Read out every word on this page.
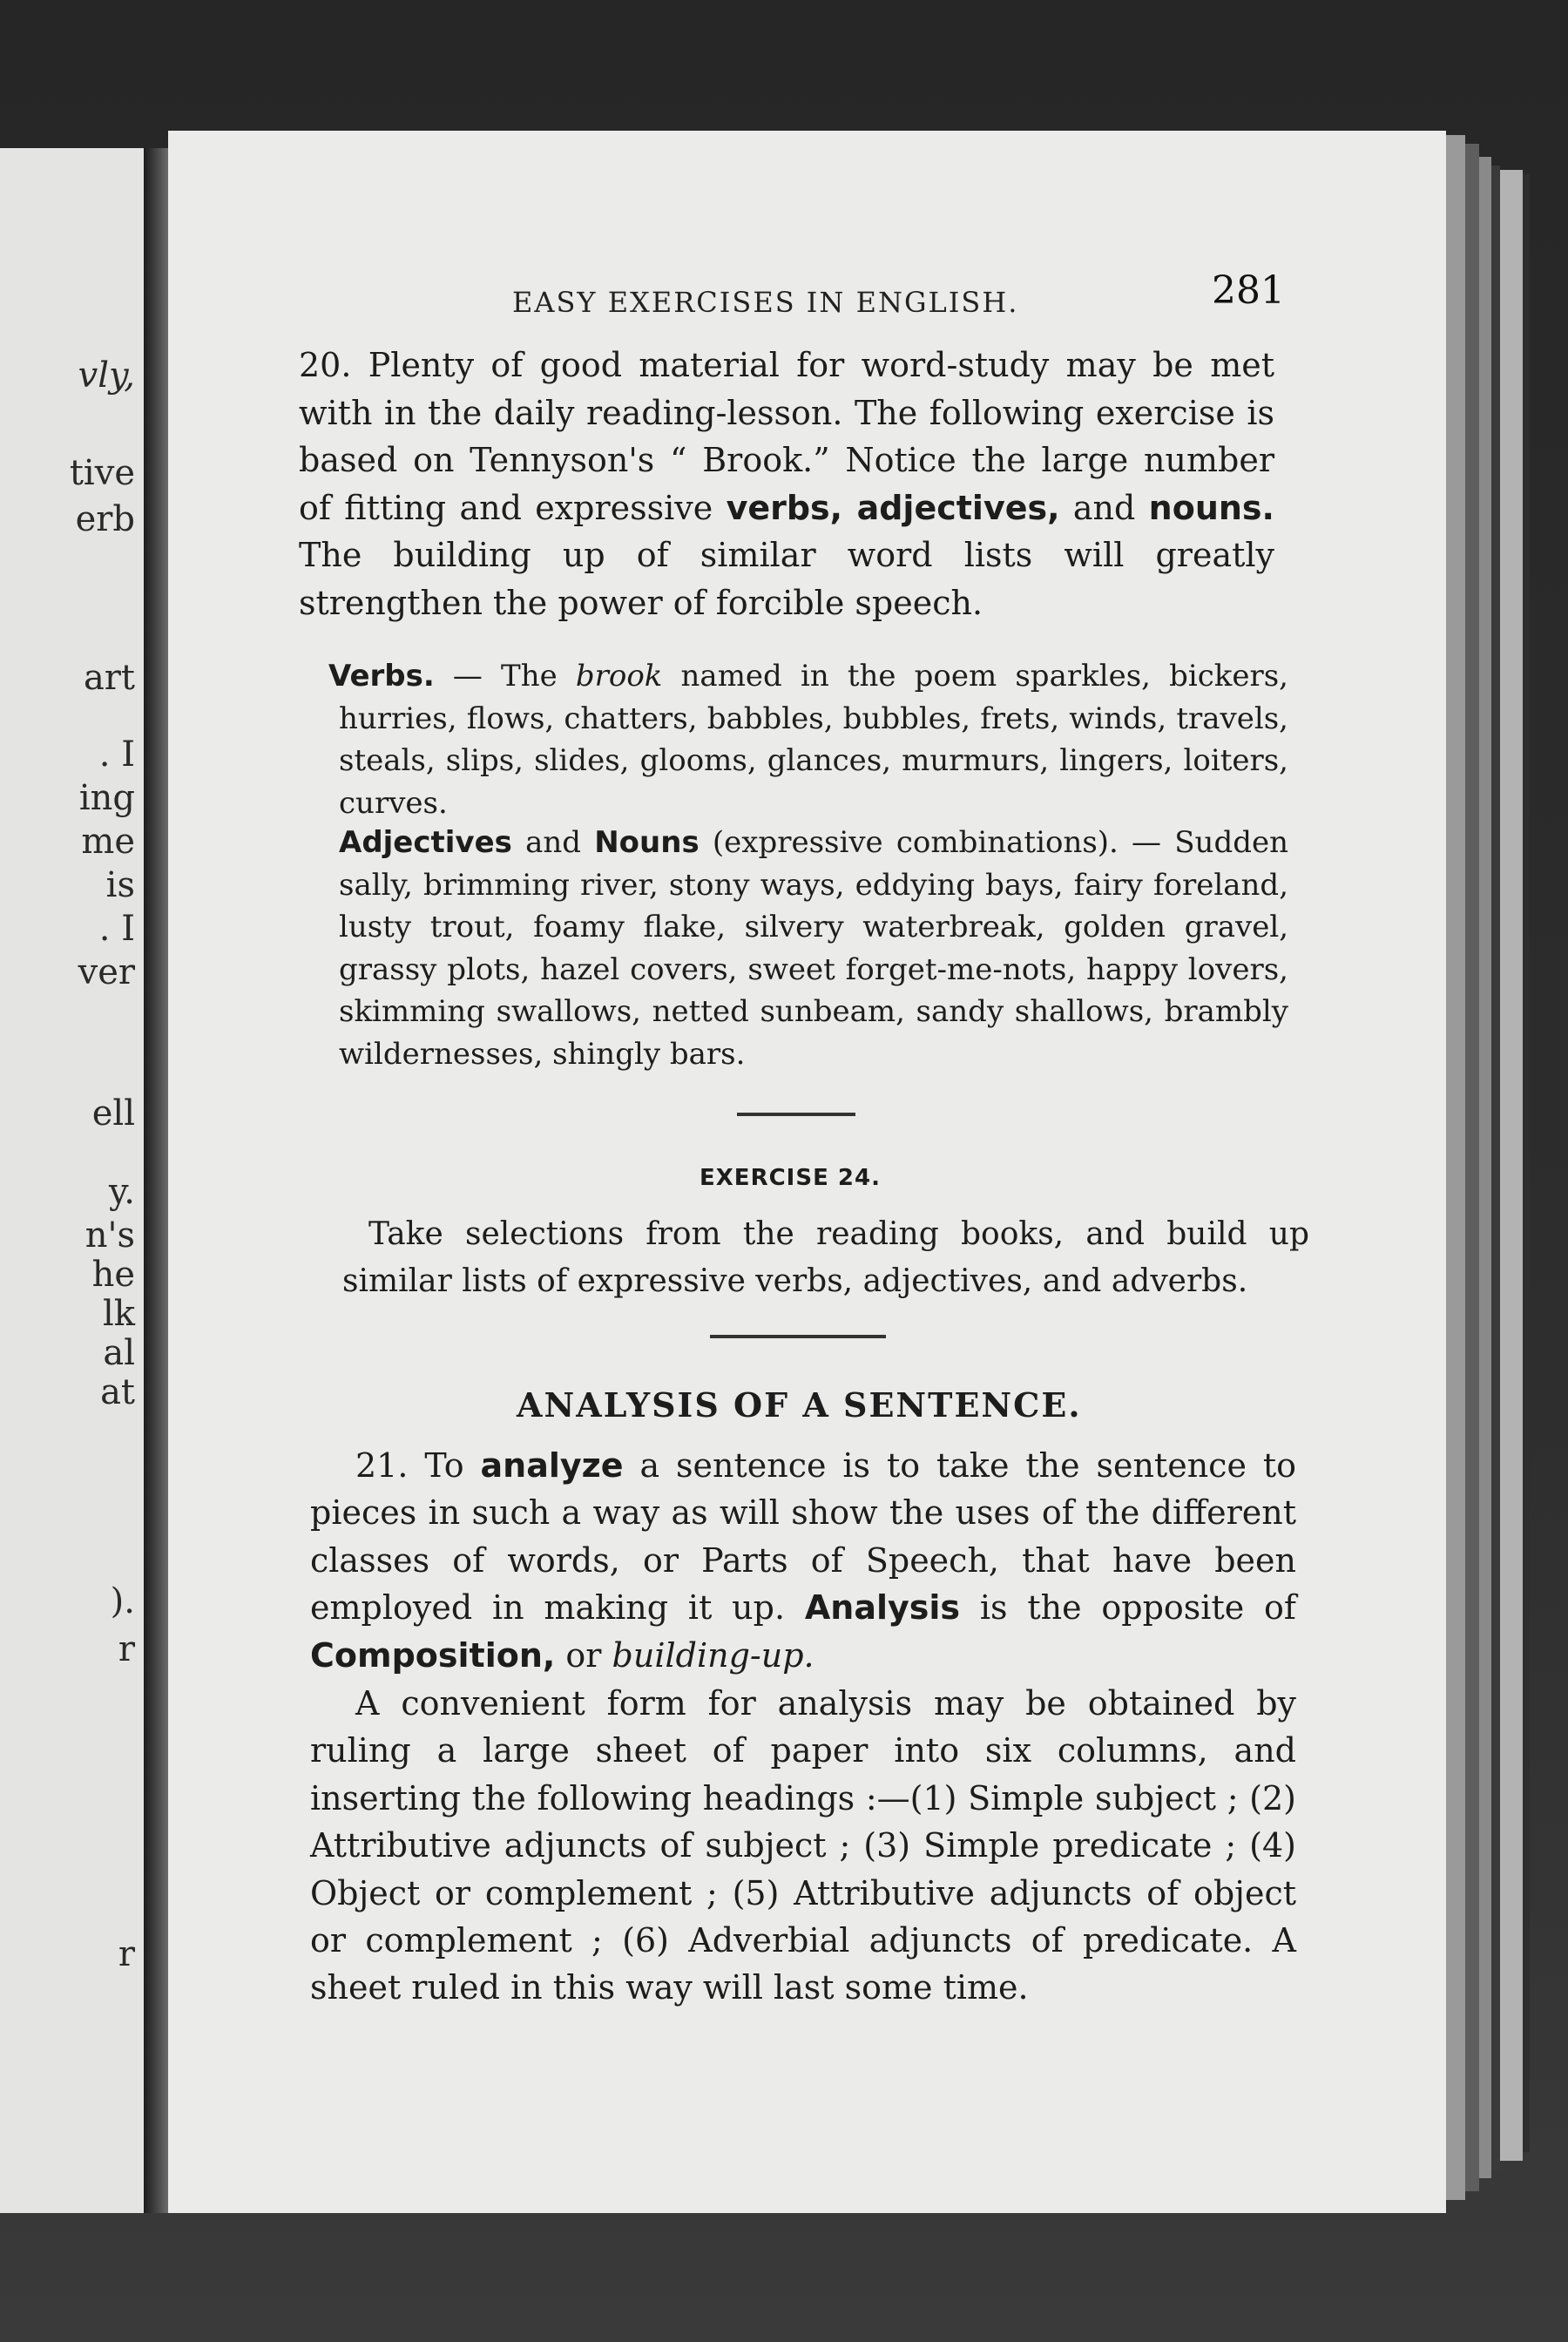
vly,
tive
erb
art
. I
ing
me
is
. I
ver
ell
y.
n's
he
lk
al
at
).
r
r
EASY EXERCISES IN ENGLISH.	281

20. Plenty of good material for word-study may be met with in the daily reading-lesson. The following exercise is based on Tennyson's “ Brook.” Notice the large number of fitting and expressive verbs, adjectives, and nouns. The building up of similar word lists will greatly strengthen the power of forcible speech.

Verbs. — The brook named in the poem sparkles, bickers, hurries, flows, chatters, babbles, bubbles, frets, winds, travels, steals, slips, slides, glooms, glances, murmurs, lingers, loiters, curves.

Adjectives and Nouns (expressive combinations). — Sudden sally, brimming river, stony ways, eddying bays, fairy foreland, lusty trout, foamy flake, silvery waterbreak, golden gravel, grassy plots, hazel covers, sweet forget-me-nots, happy lovers, skimming swallows, netted sunbeam, sandy shallows, brambly wildernesses, shingly bars.

EXERCISE 24.

Take selections from the reading books, and build up similar lists of expressive verbs, adjectives, and adverbs.

ANALYSIS OF A SENTENCE.

21. To analyze a sentence is to take the sentence to pieces in such a way as will show the uses of the different classes of words, or Parts of Speech, that have been employed in making it up. Analysis is the opposite of Composition, or building-up.

A convenient form for analysis may be obtained by ruling a large sheet of paper into six columns, and inserting the following headings :—(1) Simple subject ; (2) Attributive adjuncts of subject ; (3) Simple predicate ; (4) Object or complement ; (5) Attributive adjuncts of object or complement ; (6) Adverbial adjuncts of predicate. A sheet ruled in this way will last some time.
